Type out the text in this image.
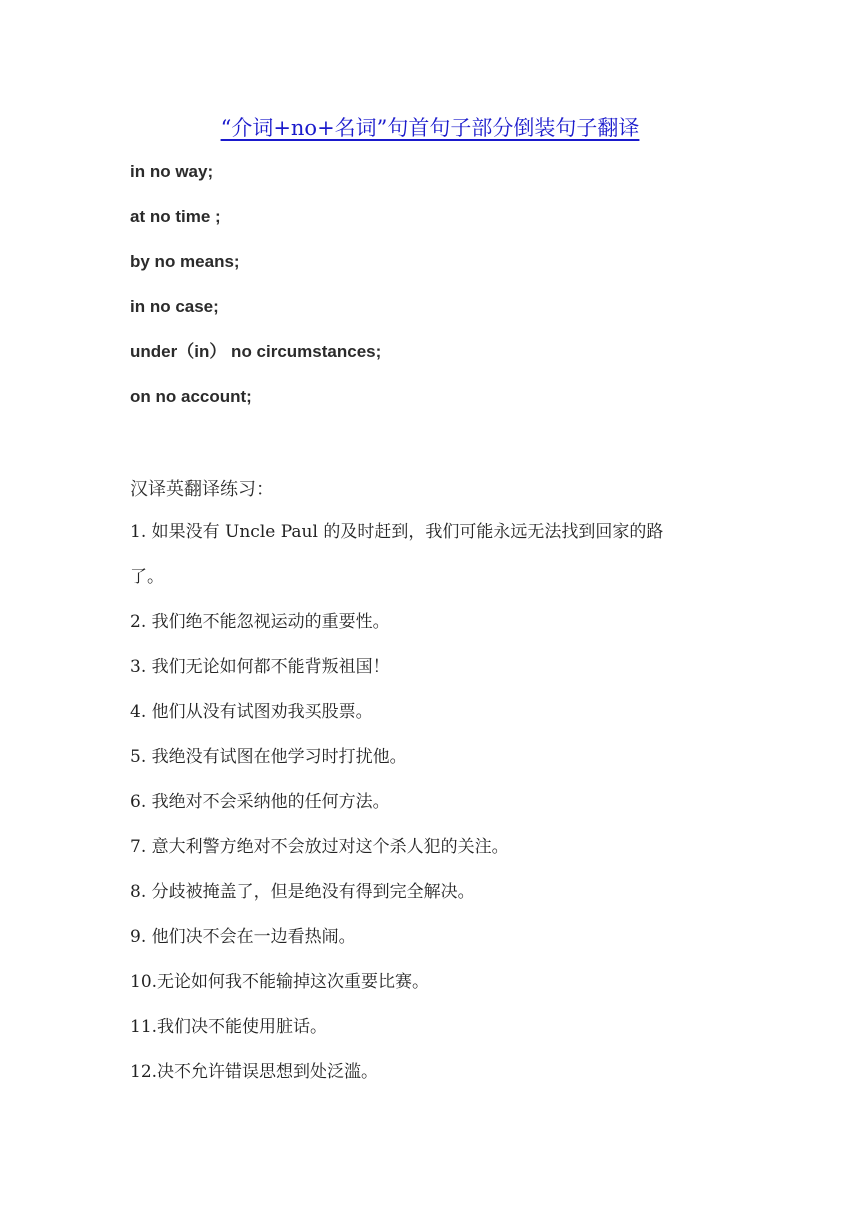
“介词+no+名词”句首句子部分倒装句子翻译
in no way;
at no time ;
by no means;
in no case;
under（in） no circumstances;
on no account;
汉译英翻译练习：
1. 如果没有 Uncle Paul 的及时赶到，我们可能永远无法找到回家的路
了。
2. 我们绝不能忽视运动的重要性。
3. 我们无论如何都不能背叛祖国！
4. 他们从没有试图劝我买股票。
5. 我绝没有试图在他学习时打扰他。
6. 我绝对不会采纳他的任何方法。
7. 意大利警方绝对不会放过对这个杀人犯的关注。
8. 分歧被掩盖了，但是绝没有得到完全解决。
9. 他们决不会在一边看热闹。
10.无论如何我不能输掉这次重要比赛。
11.我们决不能使用脏话。
12.决不允许错误思想到处泛滥。
